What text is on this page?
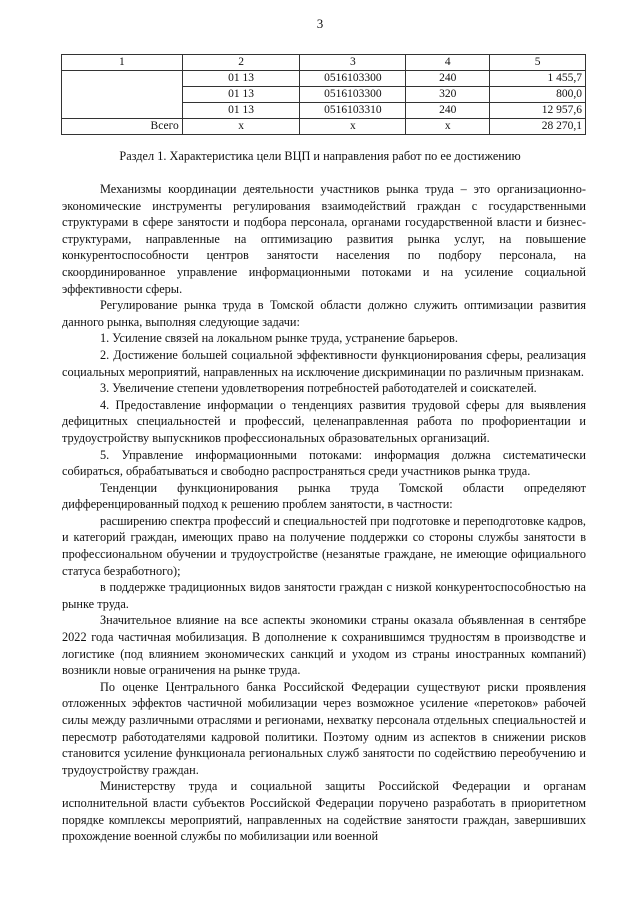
3
1	2	3	4	5
	01 13	0516103300	240	1 455,7
	01 13	0516103300	320	800,0
	01 13	0516103310	240	12 957,6
Всего	x	x	x	28 270,1
Раздел 1. Характеристика цели ВЦП и направления работ по ее достижению

Механизмы координации деятельности участников рынка труда – это организационно-экономические инструменты регулирования взаимодействий граждан с государственными структурами в сфере занятости и подбора персонала, органами государственной власти и бизнес-структурами, направленные на оптимизацию развития рынка услуг, на повышение конкурентоспособности центров занятости населения по подбору персонала, на скоординированное управление информационными потоками и на усиление социальной эффективности сферы.

Регулирование рынка труда в Томской области должно служить оптимизации развития данного рынка, выполняя следующие задачи:

1. Усиление связей на локальном рынке труда, устранение барьеров.

2. Достижение большей социальной эффективности функционирования сферы, реализация социальных мероприятий, направленных на исключение дискриминации по различным признакам.

3. Увеличение степени удовлетворения потребностей работодателей и соискателей.

4. Предоставление информации о тенденциях развития трудовой сферы для выявления дефицитных специальностей и профессий, целенаправленная работа по профориентации и трудоустройству выпускников профессиональных образовательных организаций.

5. Управление информационными потоками: информация должна систематически собираться, обрабатываться и свободно распространяться среди участников рынка труда.

Тенденции функционирования рынка труда Томской области определяют дифференцированный подход к решению проблем занятости, в частности:

расширению спектра профессий и специальностей при подготовке и переподготовке кадров, и категорий граждан, имеющих право на получение поддержки со стороны службы занятости в профессиональном обучении и трудоустройстве (незанятые граждане, не имеющие официального статуса безработного);

в поддержке традиционных видов занятости граждан с низкой конкурентоспособностью на рынке труда.

Значительное влияние на все аспекты экономики страны оказала объявленная в сентябре 2022 года частичная мобилизация. В дополнение к сохранившимся трудностям в производстве и логистике (под влиянием экономических санкций и уходом из страны иностранных компаний) возникли новые ограничения на рынке труда.

По оценке Центрального банка Российской Федерации существуют риски проявления отложенных эффектов частичной мобилизации через возможное усиление «перетоков» рабочей силы между различными отраслями и регионами, нехватку персонала отдельных специальностей и пересмотр работодателями кадровой политики. Поэтому одним из аспектов в снижении рисков становится усиление функционала региональных служб занятости по содействию переобучению и трудоустройству граждан.

Министерству труда и социальной защиты Российской Федерации и органам исполнительной власти субъектов Российской Федерации поручено разработать в приоритетном порядке комплексы мероприятий, направленных на содействие занятости граждан, завершивших прохождение военной службы по мобилизации или военной
